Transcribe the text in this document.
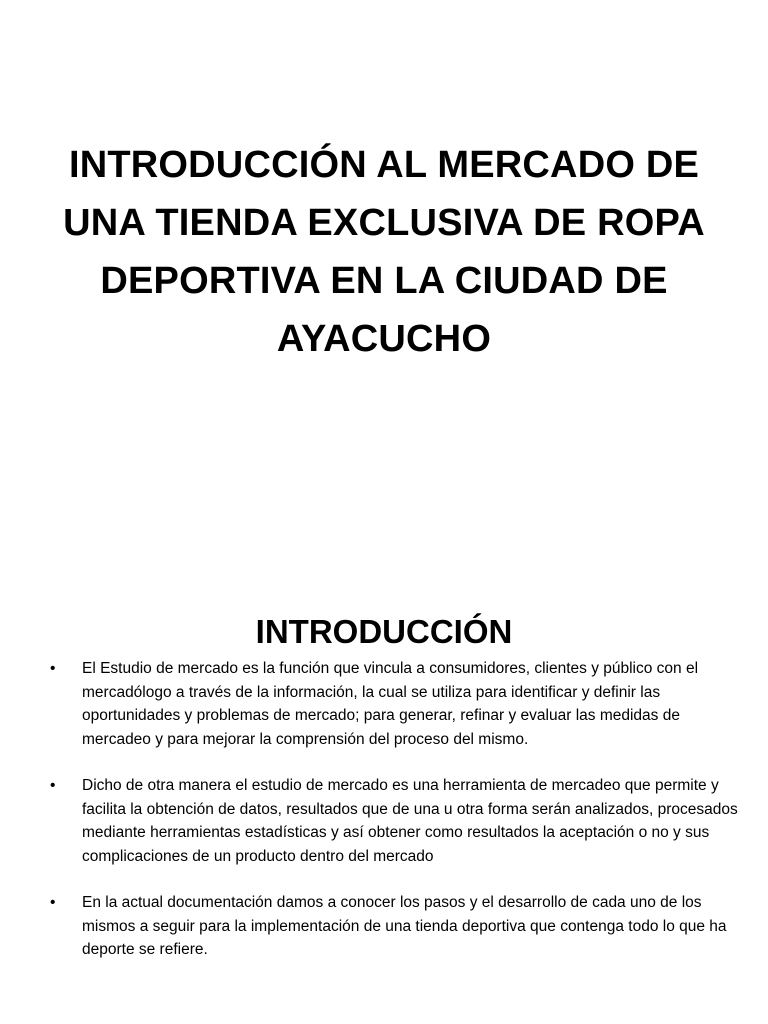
INTRODUCCIÓN AL MERCADO DE UNA TIENDA EXCLUSIVA DE ROPA DEPORTIVA EN LA CIUDAD DE AYACUCHO
INTRODUCCIÓN
• El Estudio de mercado es la función que vincula a consumidores, clientes y público con el mercadólogo a través de la información, la cual se utiliza para identificar y definir las oportunidades y problemas de mercado; para generar, refinar y evaluar las medidas de mercadeo y para mejorar la comprensión del proceso del mismo.
• Dicho de otra manera el estudio de mercado es una herramienta de mercadeo que permite y facilita la obtención de datos, resultados que de una u otra forma serán analizados, procesados mediante herramientas estadísticas y así obtener como resultados la aceptación o no y sus complicaciones de un producto dentro del mercado
• En la actual documentación damos a conocer los pasos y el desarrollo de cada uno de los mismos a seguir para la implementación de una tienda deportiva que contenga todo lo que ha deporte se refiere.
